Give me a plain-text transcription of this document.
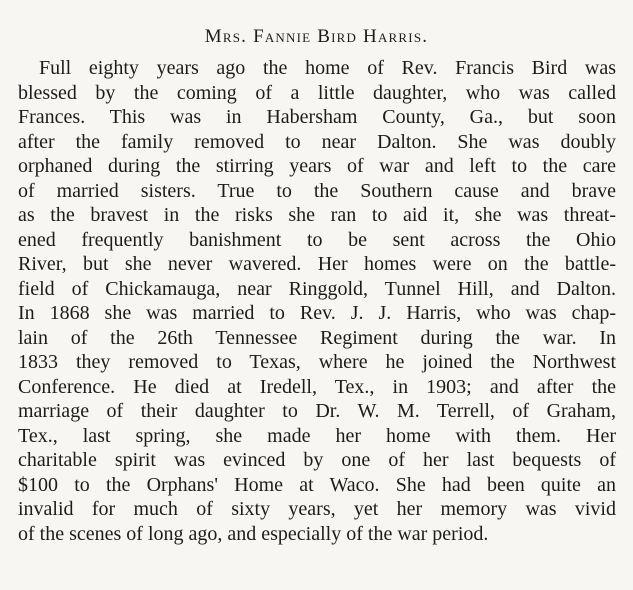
Mrs. Fannie Bird Harris.
Full eighty years ago the home of Rev. Francis Bird was
blessed by the coming of a little daughter, who was called
Frances. This was in Habersham County, Ga., but soon
after the family removed to near Dalton. She was doubly
orphaned during the stirring years of war and left to the care
of married sisters. True to the Southern cause and brave
as the bravest in the risks she ran to aid it, she was threat-
ened frequently banishment to be sent across the Ohio
River, but she never wavered. Her homes were on the battle-
field of Chickamauga, near Ringgold, Tunnel Hill, and Dalton.
In 1868 she was married to Rev. J. J. Harris, who was chap-
lain of the 26th Tennessee Regiment during the war. In
1833 they removed to Texas, where he joined the Northwest
Conference. He died at Iredell, Tex., in 1903; and after the
marriage of their daughter to Dr. W. M. Terrell, of Graham,
Tex., last spring, she made her home with them. Her
charitable spirit was evinced by one of her last bequests of
$100 to the Orphans' Home at Waco. She had been quite an
invalid for much of sixty years, yet her memory was vivid
of the scenes of long ago, and especially of the war period.
